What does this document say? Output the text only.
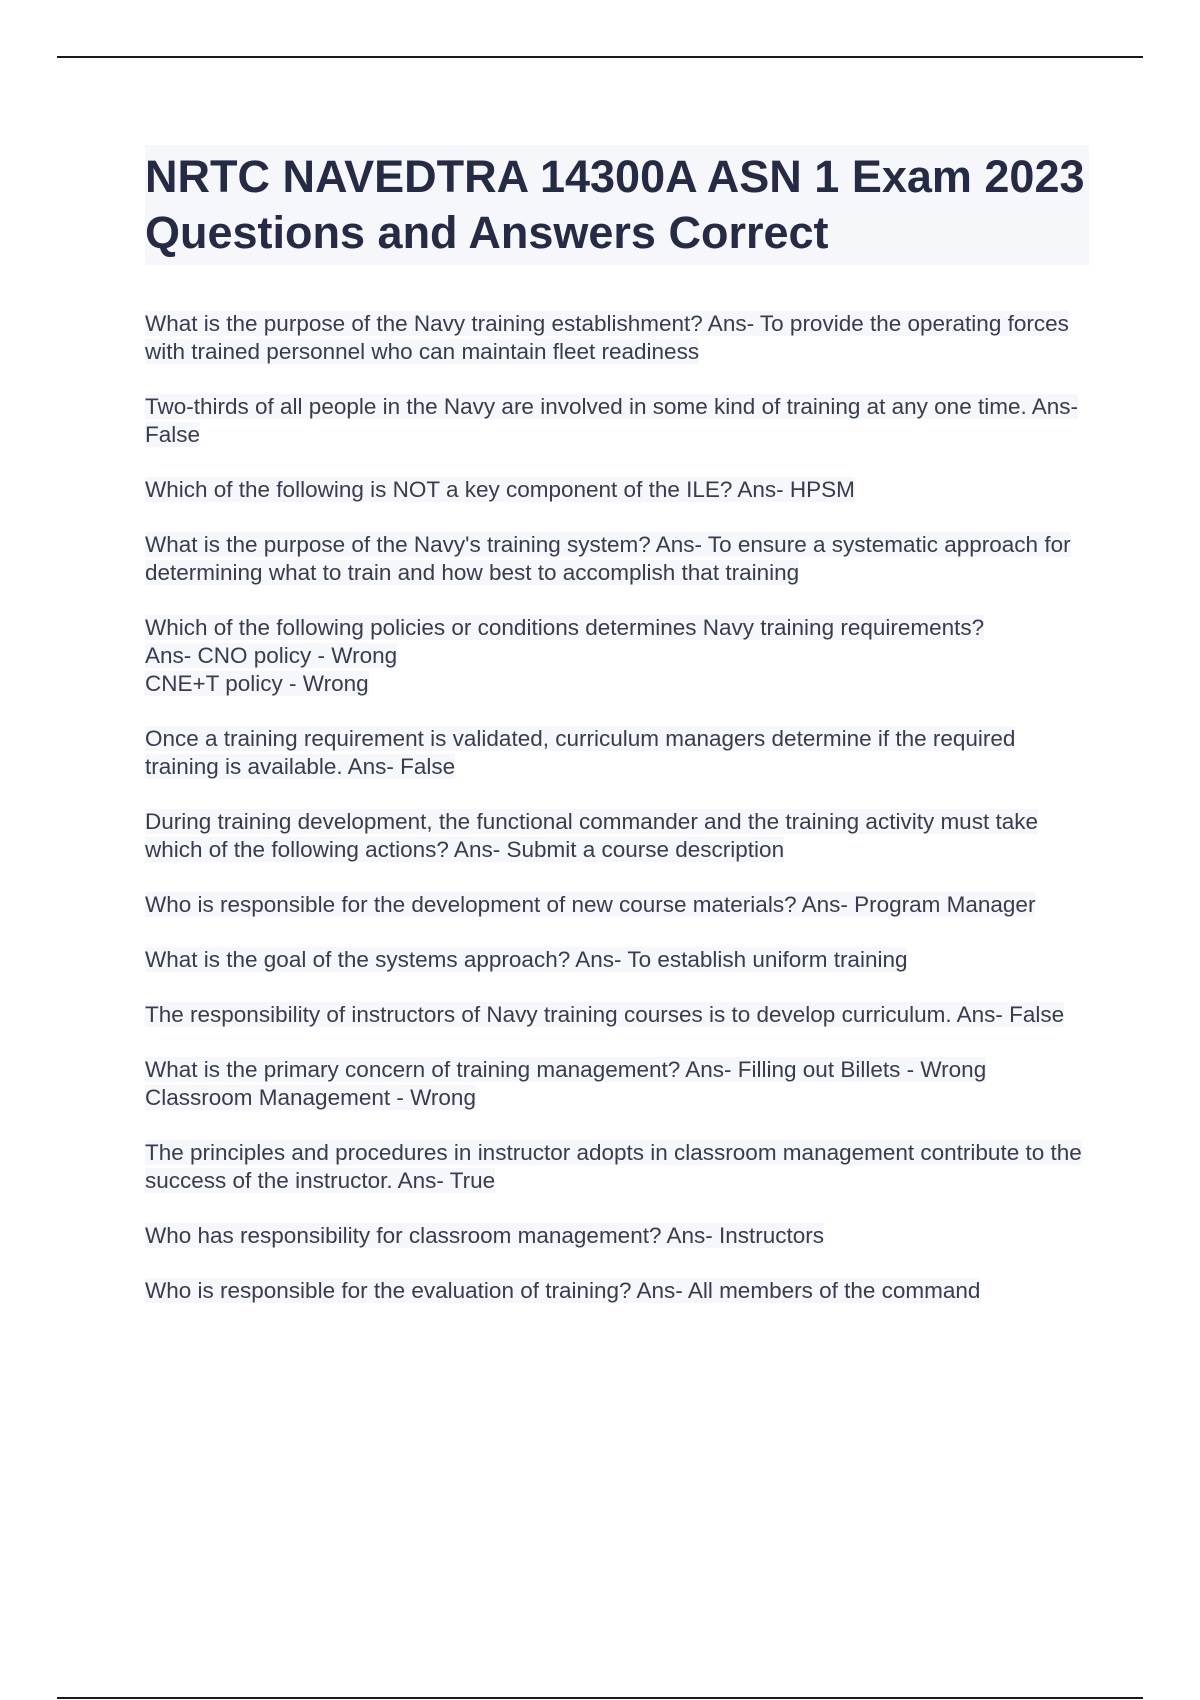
NRTC NAVEDTRA 14300A ASN 1 Exam 2023 Questions and Answers Correct
What is the purpose of the Navy training establishment? Ans- To provide the operating forces with trained personnel who can maintain fleet readiness
Two-thirds of all people in the Navy are involved in some kind of training at any one time. Ans- False
Which of the following is NOT a key component of the ILE? Ans- HPSM
What is the purpose of the Navy's training system? Ans- To ensure a systematic approach for determining what to train and how best to accomplish that training
Which of the following policies or conditions determines Navy training requirements?
Ans- CNO policy - Wrong
CNE+T policy - Wrong
Once a training requirement is validated, curriculum managers determine if the required training is available. Ans- False
During training development, the functional commander and the training activity must take which of the following actions? Ans- Submit a course description
Who is responsible for the development of new course materials? Ans- Program Manager
What is the goal of the systems approach? Ans- To establish uniform training
The responsibility of instructors of Navy training courses is to develop curriculum. Ans- False
What is the primary concern of training management? Ans- Filling out Billets - Wrong
Classroom Management - Wrong
The principles and procedures in instructor adopts in classroom management contribute to the success of the instructor. Ans- True
Who has responsibility for classroom management? Ans- Instructors
Who is responsible for the evaluation of training? Ans- All members of the command
